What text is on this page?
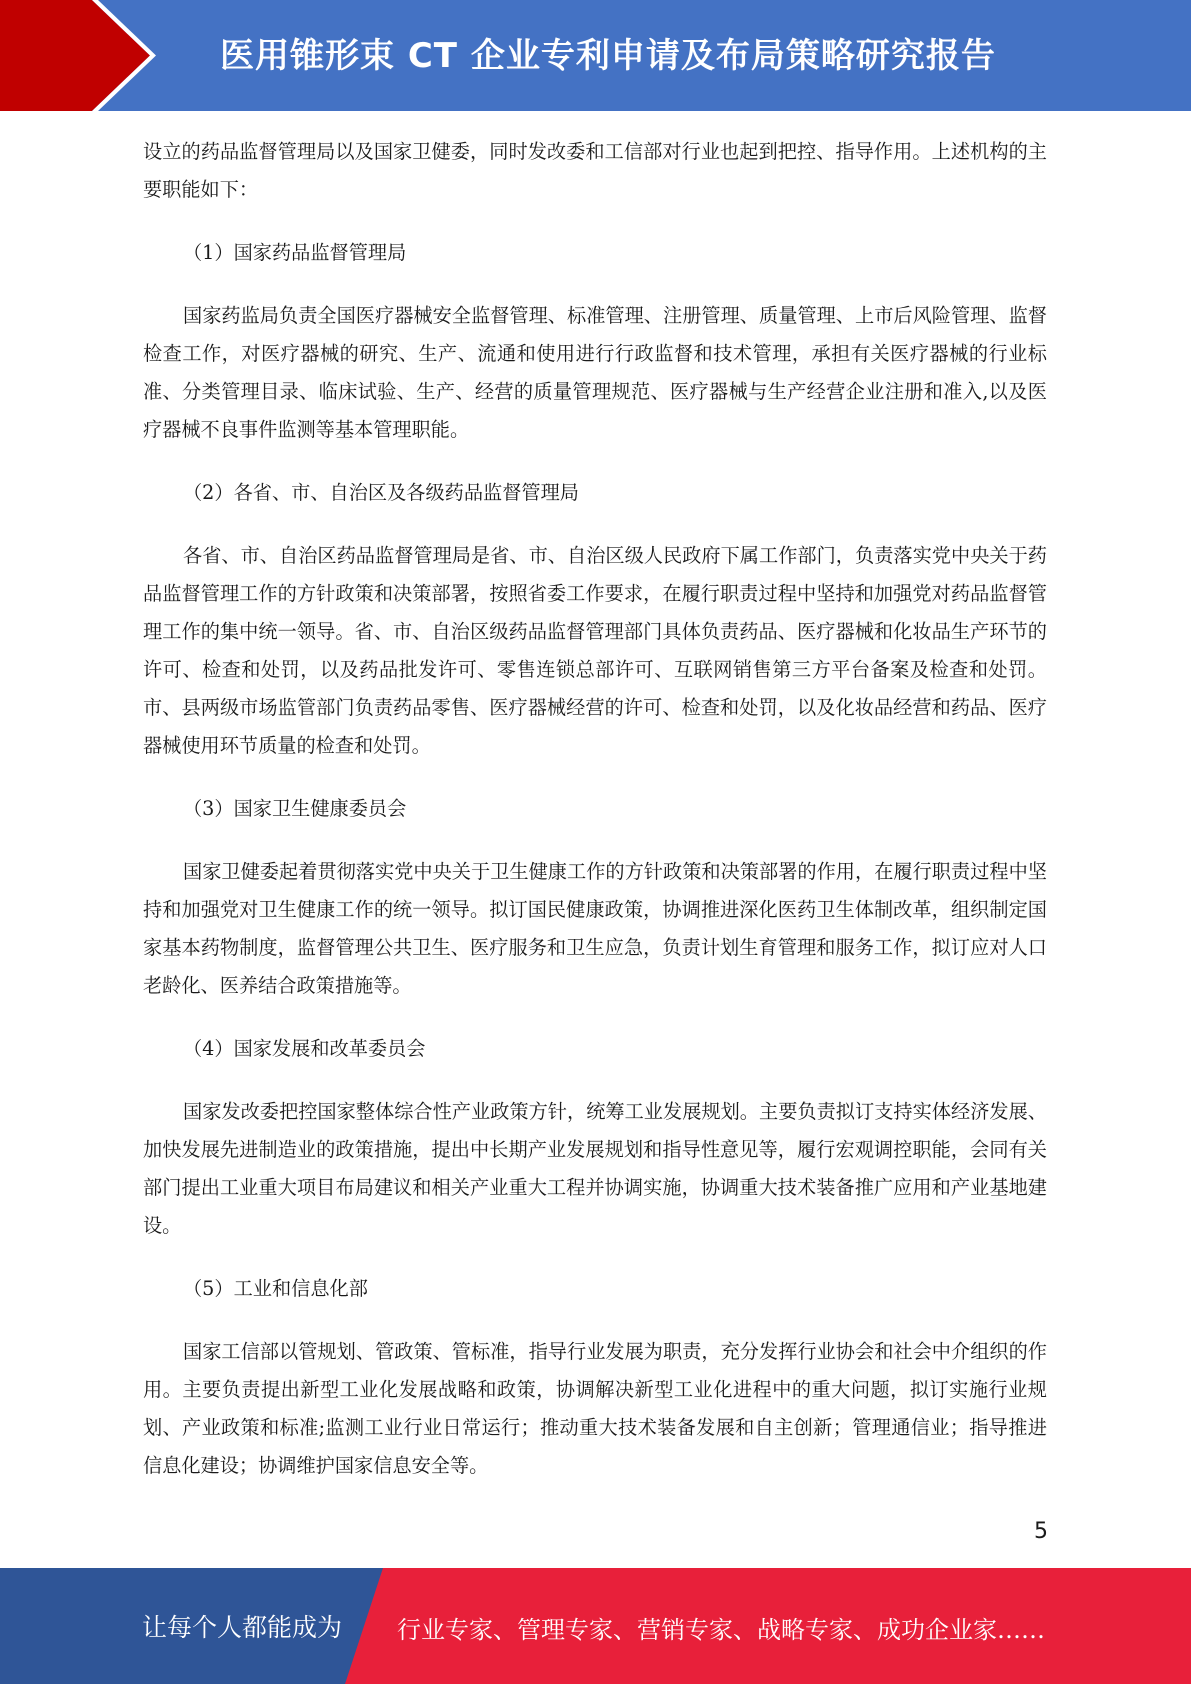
医用锥形束 CT 企业专利申请及布局策略研究报告

设立的药品监督管理局以及国家卫健委，同时发改委和工信部对行业也起到把控、指导作用。上述机构的主要职能如下：

（1）国家药品监督管理局

国家药监局负责全国医疗器械安全监督管理、标准管理、注册管理、质量管理、上市后风险管理、监督检查工作，对医疗器械的研究、生产、流通和使用进行行政监督和技术管理，承担有关医疗器械的行业标准、分类管理目录、临床试验、生产、经营的质量管理规范、医疗器械与生产经营企业注册和准入,以及医疗器械不良事件监测等基本管理职能。

（2）各省、市、自治区及各级药品监督管理局

各省、市、自治区药品监督管理局是省、市、自治区级人民政府下属工作部门，负责落实党中央关于药品监督管理工作的方针政策和决策部署，按照省委工作要求，在履行职责过程中坚持和加强党对药品监督管理工作的集中统一领导。省、市、自治区级药品监督管理部门具体负责药品、医疗器械和化妆品生产环节的许可、检查和处罚，以及药品批发许可、零售连锁总部许可、互联网销售第三方平台备案及检查和处罚。市、县两级市场监管部门负责药品零售、医疗器械经营的许可、检查和处罚，以及化妆品经营和药品、医疗器械使用环节质量的检查和处罚。

（3）国家卫生健康委员会

国家卫健委起着贯彻落实党中央关于卫生健康工作的方针政策和决策部署的作用，在履行职责过程中坚持和加强党对卫生健康工作的统一领导。拟订国民健康政策，协调推进深化医药卫生体制改革，组织制定国家基本药物制度，监督管理公共卫生、医疗服务和卫生应急，负责计划生育管理和服务工作，拟订应对人口老龄化、医养结合政策措施等。

（4）国家发展和改革委员会

国家发改委把控国家整体综合性产业政策方针，统筹工业发展规划。主要负责拟订支持实体经济发展、加快发展先进制造业的政策措施，提出中长期产业发展规划和指导性意见等，履行宏观调控职能，会同有关部门提出工业重大项目布局建议和相关产业重大工程并协调实施，协调重大技术装备推广应用和产业基地建设。

（5）工业和信息化部

国家工信部以管规划、管政策、管标准，指导行业发展为职责，充分发挥行业协会和社会中介组织的作用。主要负责提出新型工业化发展战略和政策，协调解决新型工业化进程中的重大问题，拟订实施行业规划、产业政策和标准;监测工业行业日常运行；推动重大技术装备发展和自主创新；管理通信业；指导推进信息化建设；协调维护国家信息安全等。

5
让每个人都能成为 行业专家、管理专家、营销专家、战略专家、成功企业家……
